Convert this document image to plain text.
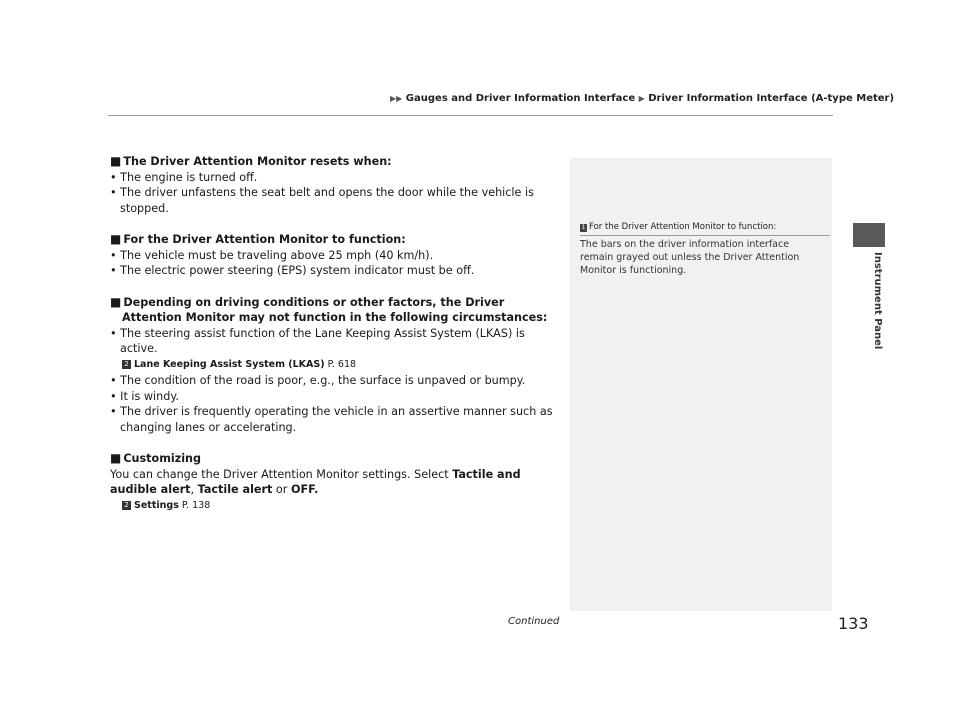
▶▶ Gauges and Driver Information Interface ▶ Driver Information Interface (A-type Meter)
Instrument Panel

■ The Driver Attention Monitor resets when:

• The engine is turned off.

• The driver unfastens the seat belt and opens the door while the vehicle is stopped.

■ For the Driver Attention Monitor to function:

• The vehicle must be traveling above 25 mph (40 km/h).

• The electric power steering (EPS) system indicator must be off.

■ Depending on driving conditions or other factors, the Driver Attention Monitor may not function in the following circumstances:

• The steering assist function of the Lane Keeping Assist System (LKAS) is active.

2 Lane Keeping Assist System (LKAS) P. 618

• The condition of the road is poor, e.g., the surface is unpaved or bumpy.

• It is windy.

• The driver is frequently operating the vehicle in an assertive manner such as changing lanes or accelerating.

■ Customizing

You can change the Driver Attention Monitor settings. Select Tactile and audible alert, Tactile alert or OFF.

2 Settings P. 138

1 For the Driver Attention Monitor to function:
The bars on the driver information interface remain grayed out unless the Driver Attention Monitor is functioning.
Continued	133
